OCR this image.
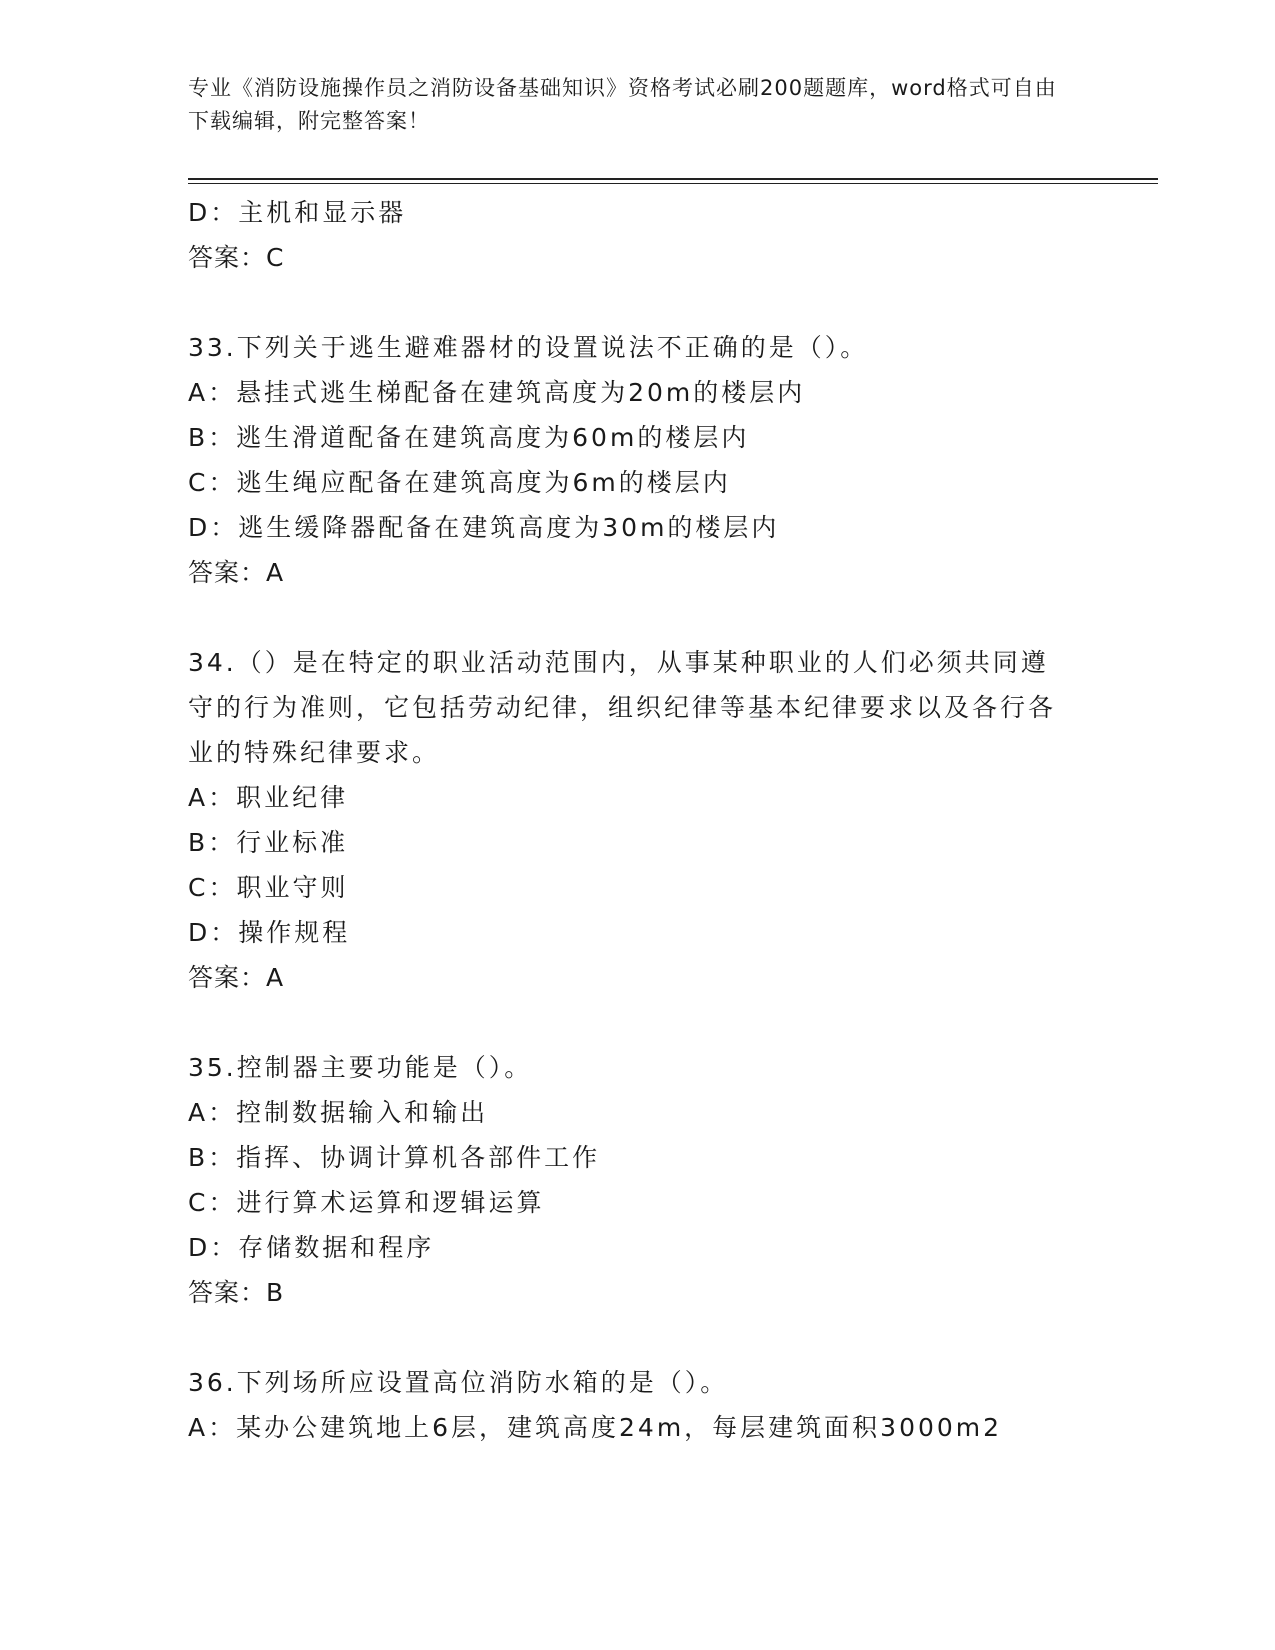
专业《消防设施操作员之消防设备基础知识》资格考试必刷200题题库，word格式可自由下载编辑，附完整答案！
D：主机和显示器
答案：C
33.下列关于逃生避难器材的设置说法不正确的是（）。
A：悬挂式逃生梯配备在建筑高度为20m的楼层内
B：逃生滑道配备在建筑高度为60m的楼层内
C：逃生绳应配备在建筑高度为6m的楼层内
D：逃生缓降器配备在建筑高度为30m的楼层内
答案：A
34.（）是在特定的职业活动范围内，从事某种职业的人们必须共同遵守的行为准则，它包括劳动纪律，组织纪律等基本纪律要求以及各行各业的特殊纪律要求。
A：职业纪律
B：行业标准
C：职业守则
D：操作规程
答案：A
35.控制器主要功能是（）。
A：控制数据输入和输出
B：指挥、协调计算机各部件工作
C：进行算术运算和逻辑运算
D：存储数据和程序
答案：B
36.下列场所应设置高位消防水箱的是（）。
A：某办公建筑地上6层，建筑高度24m，每层建筑面积3000m2
